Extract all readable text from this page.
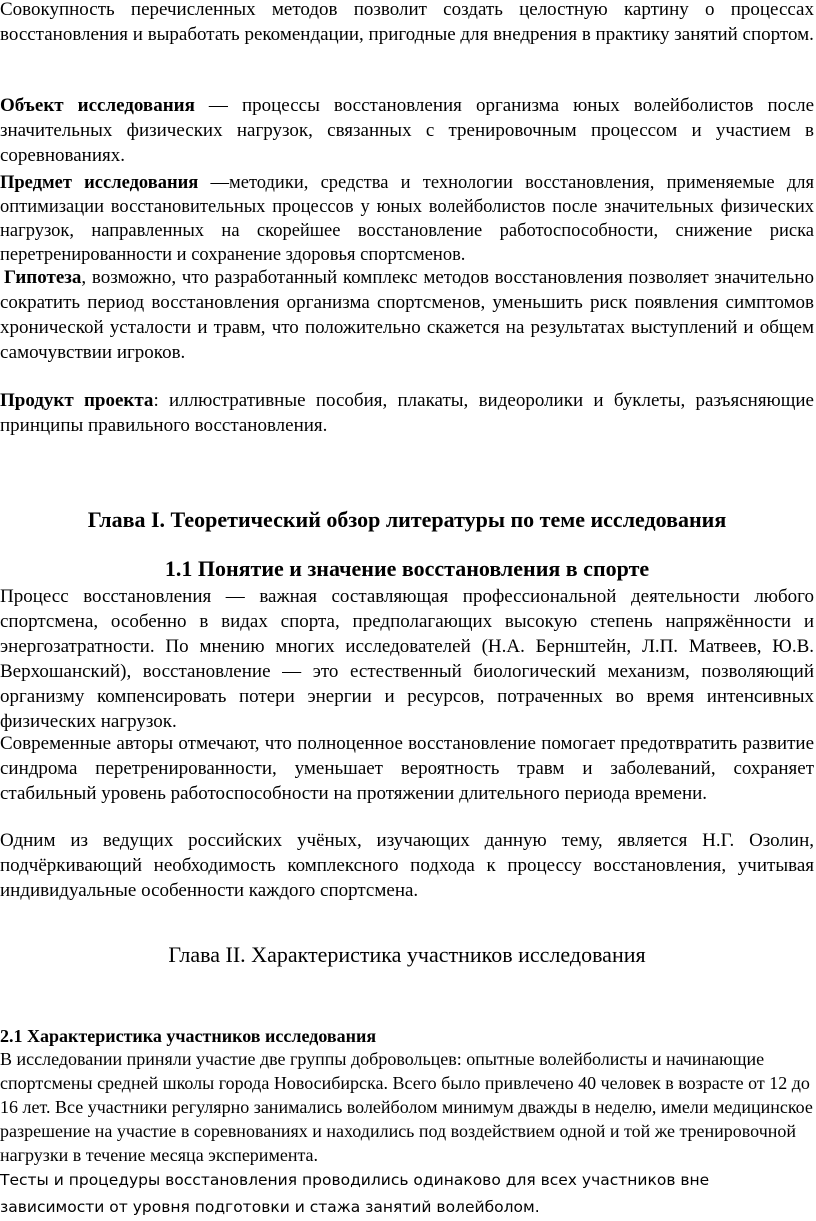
Совокупность перечисленных методов позволит создать целостную картину о процессах восстановления и выработать рекомендации, пригодные для внедрения в практику занятий спортом.

Объект исследования — процессы восстановления организма юных волейболистов после значительных физических нагрузок, связанных с тренировочным процессом и участием в соревнованиях.

Предмет исследования —методики, средства и технологии восстановления, применяемые для оптимизации восстановительных процессов у юных волейболистов после значительных физических нагрузок, направленных на скорейшее восстановление работоспособности, снижение риска перетренированности и сохранение здоровья спортсменов.

Гипотеза, возможно, что разработанный комплекс методов восстановления позволяет значительно сократить период восстановления организма спортсменов, уменьшить риск появления симптомов хронической усталости и травм, что положительно скажется на результатах выступлений и общем самочувствии игроков.

Продукт проекта: иллюстративные пособия, плакаты, видеоролики и буклеты, разъясняющие принципы правильного восстановления.

Глава I. Теоретический обзор литературы по теме исследования
1.1 Понятие и значение восстановления в спорте

Процесс восстановления — важная составляющая профессиональной деятельности любого спортсмена, особенно в видах спорта, предполагающих высокую степень напряжённости и энергозатратности. По мнению многих исследователей (Н.А. Бернштейн, Л.П. Матвеев, Ю.В. Верхошанский), восстановление — это естественный биологический механизм, позволяющий организму компенсировать потери энергии и ресурсов, потраченных во время интенсивных физических нагрузок.

Современные авторы отмечают, что полноценное восстановление помогает предотвратить развитие синдрома перетренированности, уменьшает вероятность травм и заболеваний, сохраняет стабильный уровень работоспособности на протяжении длительного периода времени.

Одним из ведущих российских учёных, изучающих данную тему, является Н.Г. Озолин, подчёркивающий необходимость комплексного подхода к процессу восстановления, учитывая индивидуальные особенности каждого спортсмена.

Глава II. Характеристика участников исследования
2.1 Характеристика участников исследования

В исследовании приняли участие две группы добровольцев: опытные волейболисты и начинающие спортсмены средней школы города Новосибирска. Всего было привлечено 40 человек в возрасте от 12 до 16 лет. Все участники регулярно занимались волейболом минимум дважды в неделю, имели медицинское разрешение на участие в соревнованиях и находились под воздействием одной и той же тренировочной нагрузки в течение месяца эксперимента.

Тесты и процедуры восстановления проводились одинаково для всех участников вне зависимости от уровня подготовки и стажа занятий волейболом.
